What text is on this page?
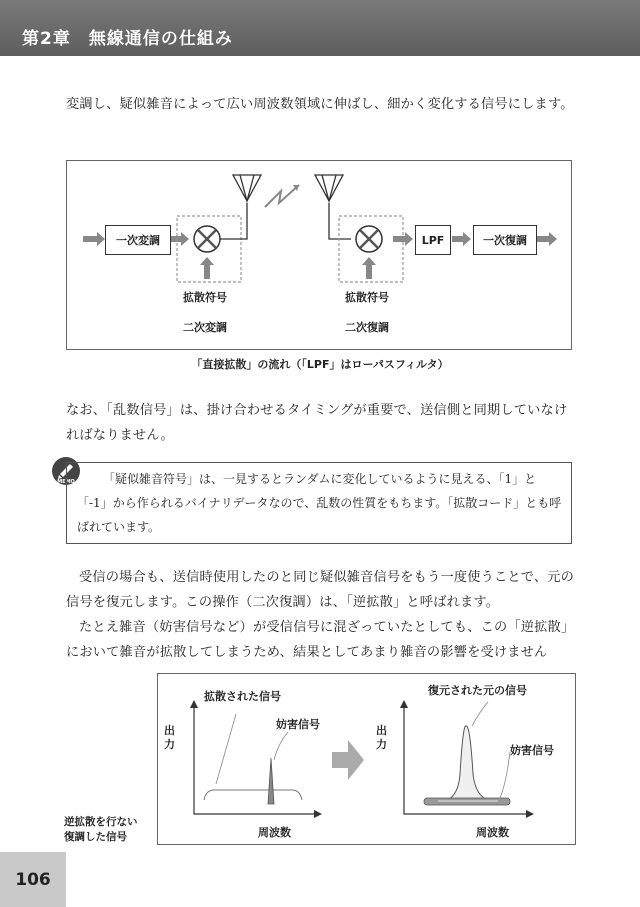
第2章　無線通信の仕組み
変調し、疑似雑音によって広い周波数領域に伸ばし、細かく変化する信号にします。
一次変調	LPF	一次復調
拡散符号
二次変調
拡散符号
二次復調
「直接拡散」の流れ（「LPF」はローパスフィルタ）
なお、「乱数信号」は、掛け合わせるタイミングが重要で、送信側と同期していなければなりません。
MEMO	「疑似雑音符号」は、一見するとランダムに変化しているように見える、「1」と「-1」から作られるバイナリデータなので、乱数の性質をもちます。「拡散コード」とも呼ばれています。
受信の場合も、送信時使用したのと同じ疑似雑音信号をもう一度使うことで、元の信号を復元します。この操作（二次復調）は、「逆拡散」と呼ばれます。
たとえ雑音（妨害信号など）が受信信号に混ざっていたとしても、この「逆拡散」において雑音が拡散してしまうため、結果としてあまり雑音の影響を受けません
拡散された信号
妨害信号
出力
周波数
復元された元の信号
妨害信号
出力
周波数
逆拡散を行ない
復調した信号
106
